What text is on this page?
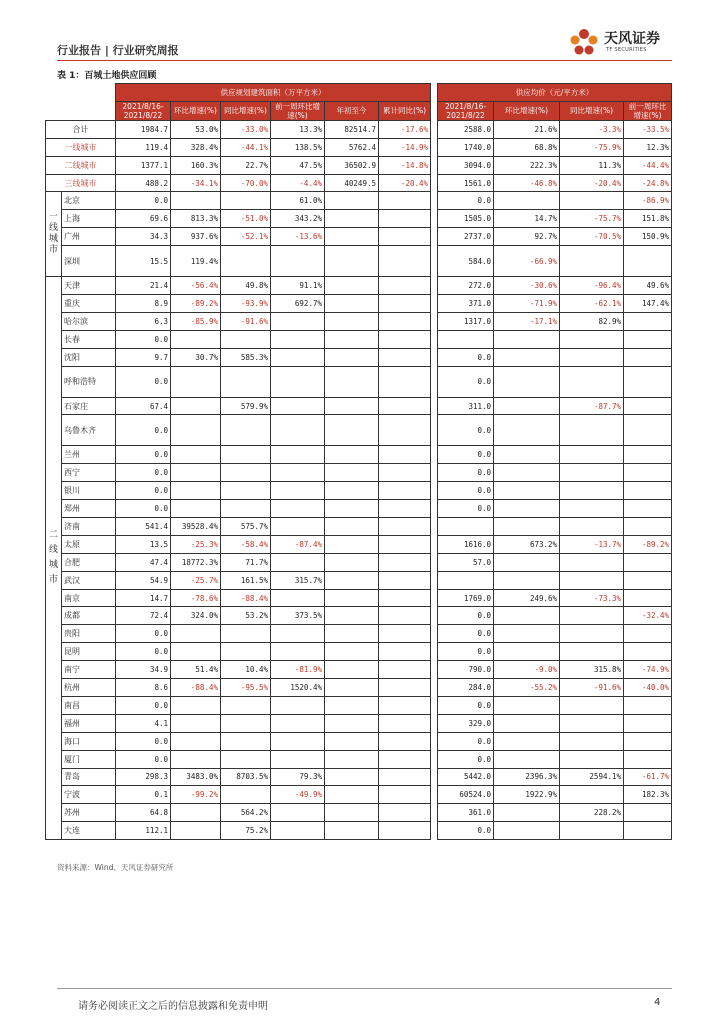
行业报告 | 行业研究周报
天风证券
TF SECURITIES
表 1：百城土地供应回顾
		供应规划建筑面积（万平方米）							供应均价（元/平方米）			
		2021/8/16-2021/8/22	环比增速(%)	同比增速(%)	前一周环比增速(%)	年初至今	累计同比(%)		2021/8/16-2021/8/22	环比增速(%)	同比增速(%)	前一周环比增速(%)
合计		1984.7	53.0%	-33.0%	13.3%	82514.7	-17.6%		2588.0	21.6%	-3.3%	-33.5%
一线城市		119.4	328.4%	-44.1%	138.5%	5762.4	-14.9%		1740.0	68.8%	-75.9%	12.3%
二线城市		1377.1	160.3%	22.7%	47.5%	36502.9	-14.8%		3094.0	222.3%	11.3%	-44.4%
三线城市		488.2	-34.1%	-70.0%	-4.4%	40249.5	-20.4%		1561.0	-46.8%	-20.4%	-24.8%

一
线
城
市	北京	0.0			61.0%				0.0			-86.9%
	上海	69.6	813.3%	-51.0%	343.2%				1505.0	14.7%	-75.7%	151.8%
	广州	34.3	937.6%	-52.1%	-13.6%				2737.0	92.7%	-70.5%	150.9%
	深圳	15.5	119.4%						584.0	-66.9%		

二
线
城
市	天津	21.4	-56.4%	49.8%	91.1%				272.0	-30.6%	-96.4%	49.6%
	重庆	8.9	-89.2%	-93.9%	692.7%				371.0	-71.9%	-62.1%	147.4%
	哈尔滨	6.3	-85.9%	-91.6%					1317.0	-17.1%	82.9%	
	长春	0.0										
	沈阳	9.7	30.7%	585.3%					0.0			
	呼和浩特	0.0							0.0			
	石家庄	67.4		579.9%					311.0		-87.7%	
	乌鲁木齐	0.0							0.0			
	兰州	0.0							0.0			
	西宁	0.0							0.0			
	银川	0.0							0.0			
	郑州	0.0							0.0			
	济南	541.4	39528.4%	575.7%								
	太原	13.5	-25.3%	-58.4%	-87.4%				1616.0	673.2%	-13.7%	-89.2%
	合肥	47.4	18772.3%	71.7%					57.0			
	武汉	54.9	-25.7%	161.5%	315.7%							
	南京	14.7	-78.6%	-88.4%					1769.0	249.6%	-73.3%	
	成都	72.4	324.0%	53.2%	373.5%				0.0			-32.4%
	贵阳	0.0							0.0			
	昆明	0.0							0.0			
	南宁	34.9	51.4%	10.4%	-81.9%				790.0	-9.0%	315.8%	-74.9%
	杭州	8.6	-88.4%	-95.5%	1520.4%				284.0	-55.2%	-91.6%	-40.0%
	南昌	0.0							0.0			
	福州	4.1							329.0			
	海口	0.0							0.0			
	厦门	0.0							0.0			
	青岛	298.3	3483.0%	8703.5%	79.3%				5442.0	2396.3%	2594.1%	-61.7%
	宁波	0.1	-99.2%		-49.9%				60524.0	1922.9%		182.3%
	苏州	64.8		564.2%					361.0		228.2%	
	大连	112.1		75.2%					0.0			
资料来源：Wind、天风证券研究所
请务必阅读正文之后的信息披露和免责申明	4
